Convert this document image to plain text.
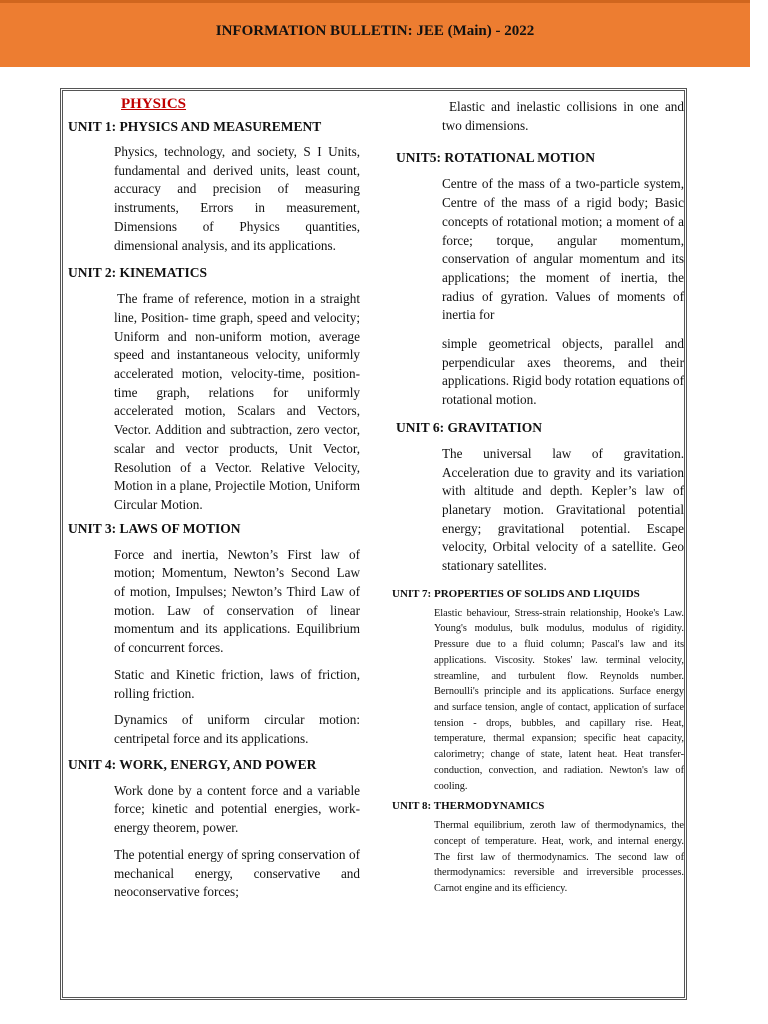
INFORMATION BULLETIN: JEE (Main) - 2022
PHYSICS

UNIT 1: PHYSICS AND MEASUREMENT

Physics, technology, and society, S I Units, fundamental and derived units, least count, accuracy and precision of measuring instruments, Errors in measurement, Dimensions of Physics quantities, dimensional analysis, and its applications.

UNIT 2: KINEMATICS

The frame of reference, motion in a straight line, Position- time graph, speed and velocity; Uniform and non-uniform motion, average speed and instantaneous velocity, uniformly accelerated motion, velocity-time, position-time graph, relations for uniformly accelerated motion, Scalars and Vectors, Vector. Addition and subtraction, zero vector, scalar and vector products, Unit Vector, Resolution of a Vector. Relative Velocity, Motion in a plane, Projectile Motion, Uniform Circular Motion.

UNIT 3: LAWS OF MOTION

Force and inertia, Newton’s First law of motion; Momentum, Newton’s Second Law of motion, Impulses; Newton’s Third Law of motion. Law of conservation of linear momentum and its applications. Equilibrium of concurrent forces.

Static and Kinetic friction, laws of friction, rolling friction.

Dynamics of uniform circular motion: centripetal force and its applications.

UNIT 4: WORK, ENERGY, AND POWER

Work done by a content force and a variable force; kinetic and potential energies, work-energy theorem, power.

The potential energy of spring conservation of mechanical energy, conservative and neoconservative forces;

Elastic and inelastic collisions in one and two dimensions.

UNIT5: ROTATIONAL MOTION

Centre of the mass of a two-particle system, Centre of the mass of a rigid body; Basic concepts of rotational motion; a moment of a force; torque, angular momentum, conservation of angular momentum and its applications; the moment of inertia, the radius of gyration. Values of moments of inertia for

simple geometrical objects, parallel and perpendicular axes theorems, and their applications. Rigid body rotation equations of rotational motion.

UNIT 6: GRAVITATION

The universal law of gravitation. Acceleration due to gravity and its variation with altitude and depth. Kepler’s law of planetary motion. Gravitational potential energy; gravitational potential. Escape velocity, Orbital velocity of a satellite. Geo stationary satellites.

UNIT 7: PROPERTIES OF SOLIDS AND LIQUIDS

Elastic behaviour, Stress-strain relationship, Hooke's Law. Young's modulus, bulk modulus, modulus of rigidity. Pressure due to a fluid column; Pascal's law and its applications. Viscosity. Stokes' law. terminal velocity, streamline, and turbulent flow. Reynolds number. Bernoulli's principle and its applications. Surface energy and surface tension, angle of contact, application of surface tension - drops, bubbles, and capillary rise. Heat, temperature, thermal expansion; specific heat capacity, calorimetry; change of state, latent heat. Heat transfer-conduction, convection, and radiation. Newton's law of cooling.

UNIT 8: THERMODYNAMICS

Thermal equilibrium, zeroth law of thermodynamics, the concept of temperature. Heat, work, and internal energy. The first law of thermodynamics. The second law of thermodynamics: reversible and irreversible processes. Carnot engine and its efficiency.
